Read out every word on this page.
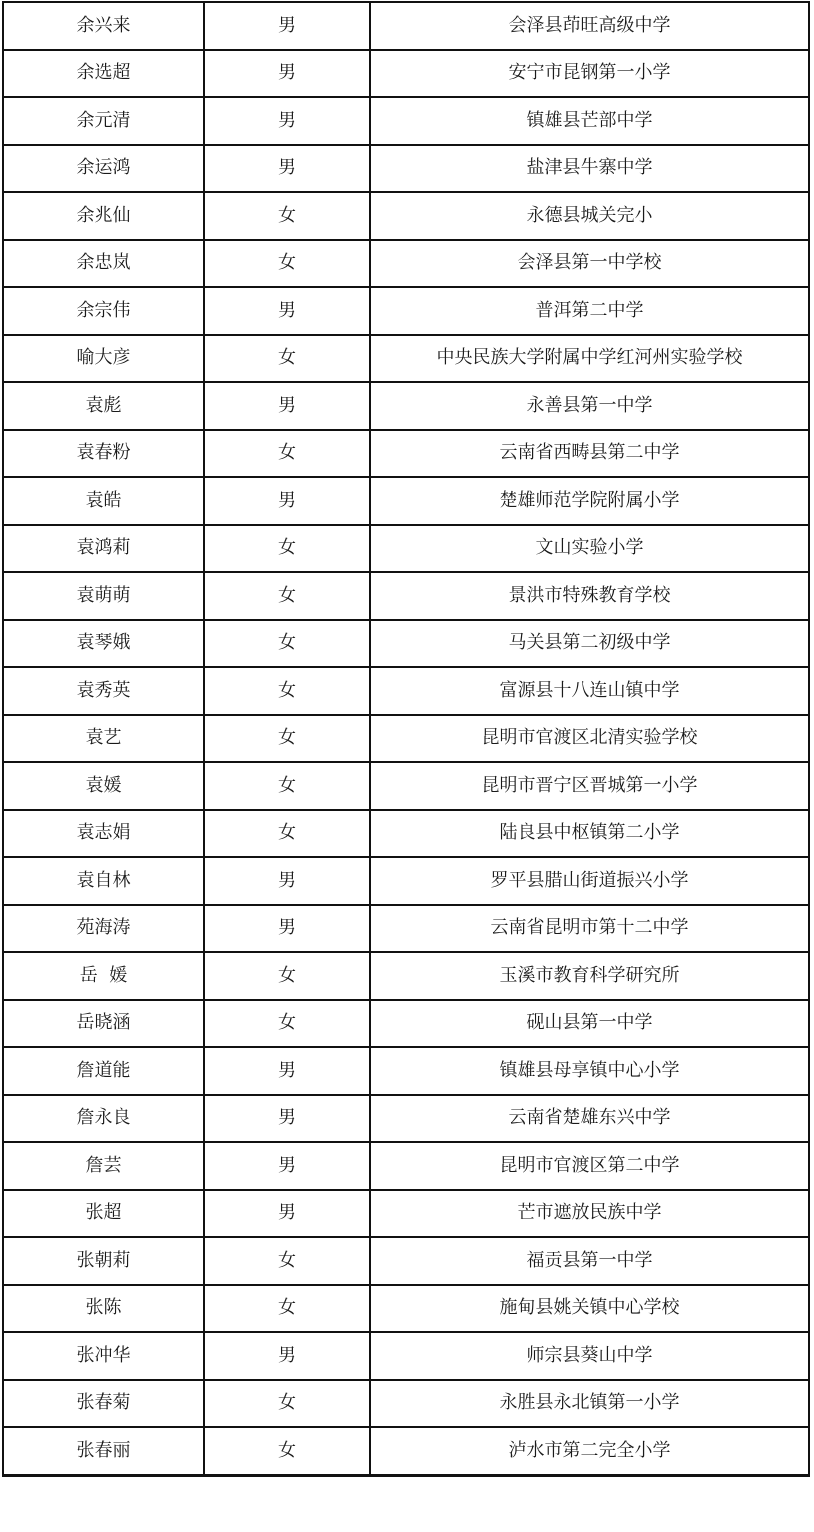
余兴来	男	会泽县茚旺高级中学
余选超	男	安宁市昆钢第一小学
余元清	男	镇雄县芒部中学
余运鸿	男	盐津县牛寨中学
余兆仙	女	永德县城关完小
余忠岚	女	会泽县第一中学校
余宗伟	男	普洱第二中学
喻大彦	女	中央民族大学附属中学红河州实验学校
袁彪	男	永善县第一中学
袁春粉	女	云南省西畴县第二中学
袁皓	男	楚雄师范学院附属小学
袁鸿莉	女	文山实验小学
袁萌萌	女	景洪市特殊教育学校
袁琴娥	女	马关县第二初级中学
袁秀英	女	富源县十八连山镇中学
袁艺	女	昆明市官渡区北清实验学校
袁媛	女	昆明市晋宁区晋城第一小学
袁志娟	女	陆良县中枢镇第二小学
袁自林	男	罗平县腊山街道振兴小学
苑海涛	男	云南省昆明市第十二中学
岳  媛	女	玉溪市教育科学研究所
岳晓涵	女	砚山县第一中学
詹道能	男	镇雄县母享镇中心小学
詹永良	男	云南省楚雄东兴中学
詹芸	男	昆明市官渡区第二中学
张超	男	芒市遮放民族中学
张朝莉	女	福贡县第一中学
张陈	女	施甸县姚关镇中心学校
张冲华	男	师宗县葵山中学
张春菊	女	永胜县永北镇第一小学
张春丽	女	泸水市第二完全小学
